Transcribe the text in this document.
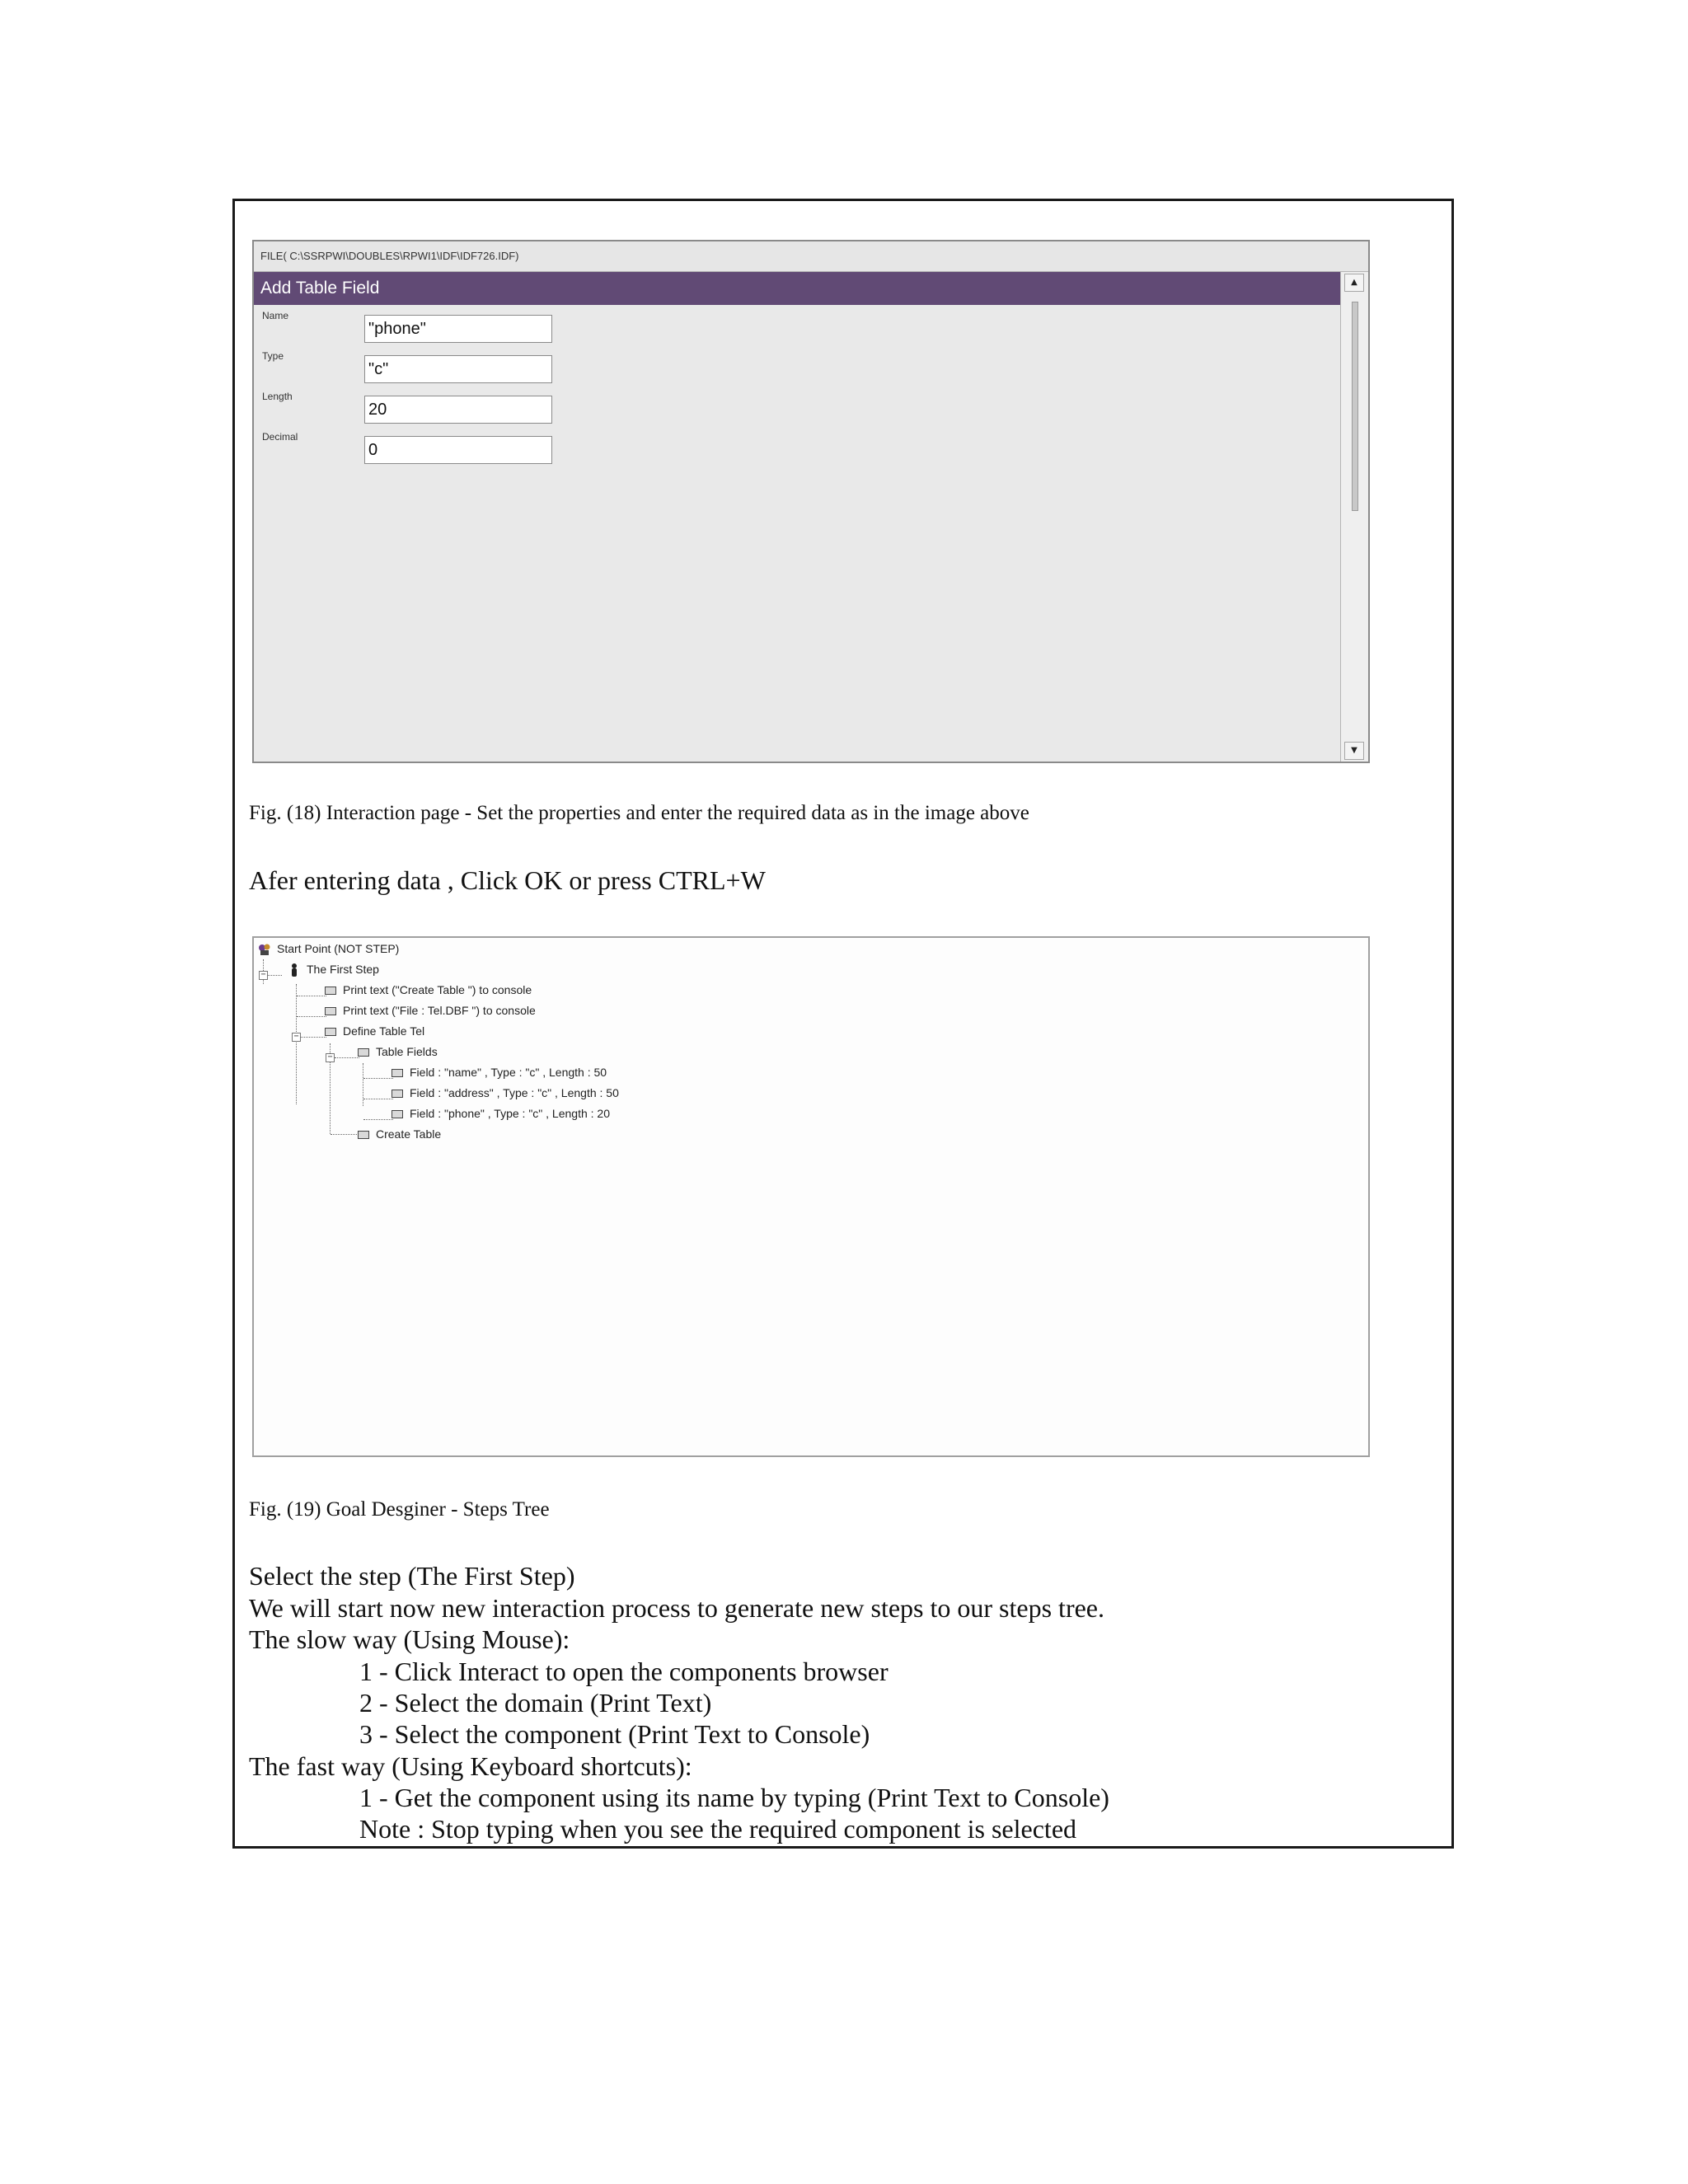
FILE( C:\SSRPWI\DOUBLES\RPWI1\IDF\IDF726.IDF)
Add Table Field
Name
"phone"
Type
"c"
Length
20
Decimal
0
▲
▼
Fig. (18) Interaction page - Set the properties and enter the required data as in the image above
Afer entering data , Click OK or press CTRL+W
−
−
−
Start Point (NOT STEP)
The First Step
Print text ("Create Table ") to console
Print text ("File : Tel.DBF ") to console
Define Table Tel
Table Fields
Field : "name" , Type : "c" , Length : 50
Field : "address" , Type : "c" , Length : 50
Field : "phone" , Type : "c" , Length : 20
Create Table
Fig. (19) Goal Desginer - Steps Tree
Select the step (The First Step)
We will start now new interaction process to generate new steps to our steps tree.
The slow way (Using Mouse):
1 - Click Interact to open the components browser
2 - Select the domain (Print Text)
3 - Select the component (Print Text to Console)
The fast way (Using Keyboard shortcuts):
1 - Get the component using its name by typing (Print Text to Console)
Note : Stop typing when you see the required component is selected
